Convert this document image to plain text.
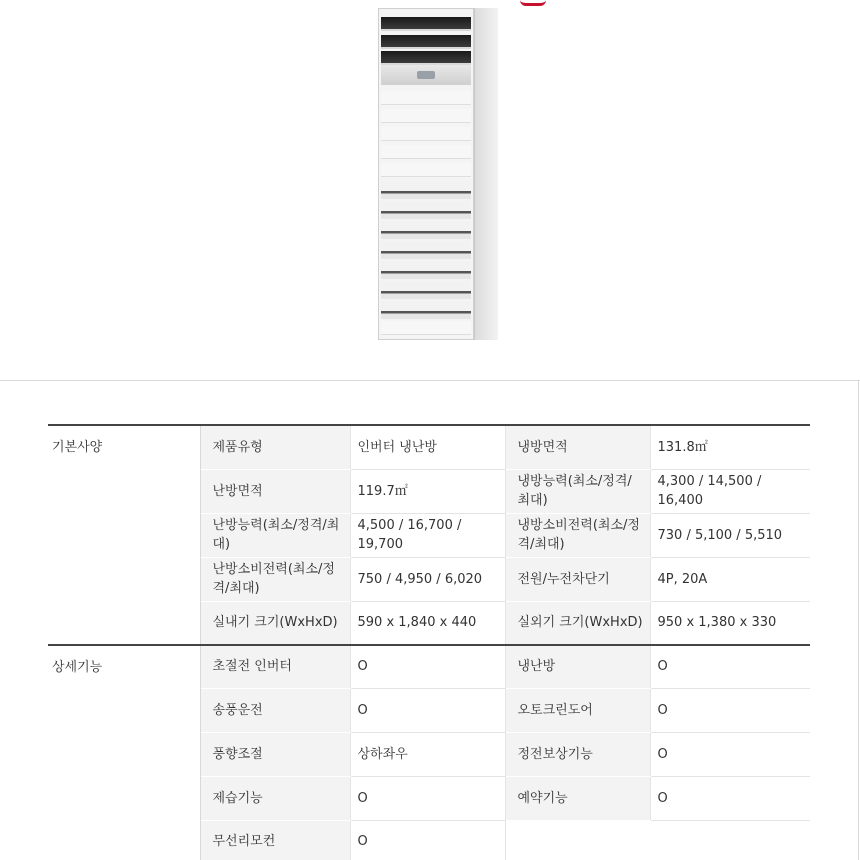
기본사양	제품유형	인버터 냉난방	냉방면적	131.8㎡
	난방면적	119.7㎡	냉방능력(최소/정격/최대)	4,300 / 14,500 / 16,400
	난방능력(최소/정격/최대)	4,500 / 16,700 / 19,700	냉방소비전력(최소/정격/최대)	730 / 5,100 / 5,510
	난방소비전력(최소/정격/최대)	750 / 4,950 / 6,020	전원/누전차단기	4P, 20A
	실내기 크기(WxHxD)	590 x 1,840 x 440	실외기 크기(WxHxD)	950 x 1,380 x 330
상세기능	초절전 인버터	O	냉난방	O
	송풍운전	O	오토크린도어	O
	풍향조절	상하좌우	정전보상기능	O
	제습기능	O	예약기능	O
	무선리모컨	O		
